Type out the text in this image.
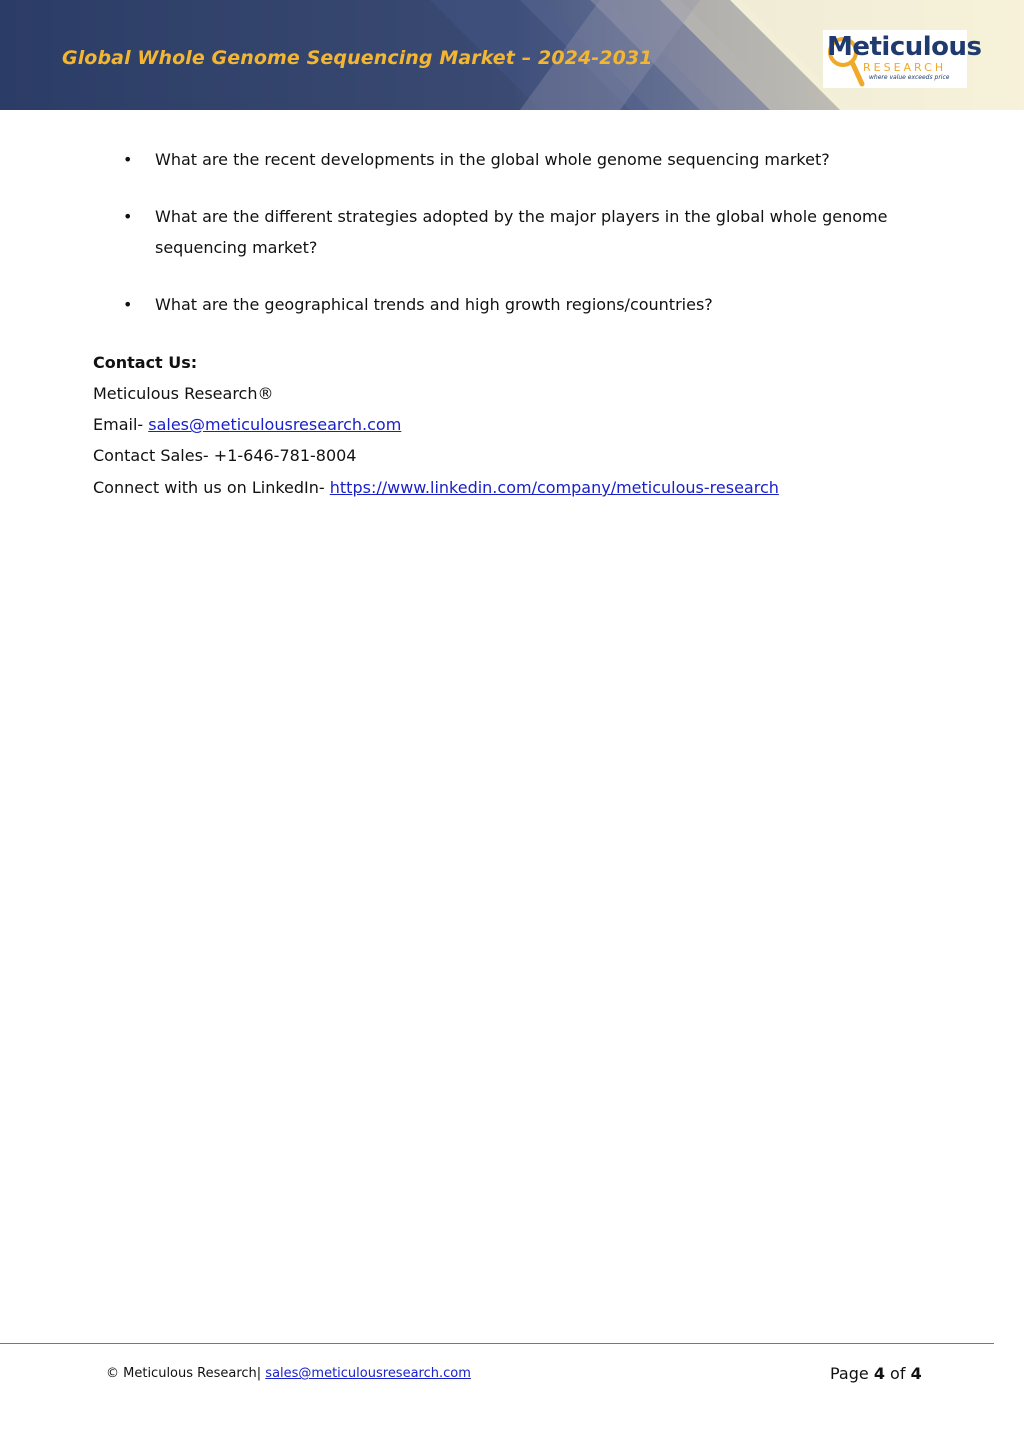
Global Whole Genome Sequencing Market – 2024-2031	Meticulous
RESEARCH
where value exceeds price
• What are the recent developments in the global whole genome sequencing market?
• What are the different strategies adopted by the major players in the global whole genome sequencing market?
• What are the geographical trends and high growth regions/countries?
Contact Us:
Meticulous Research®
Email- sales@meticulousresearch.com
Contact Sales- +1-646-781-8004
Connect with us on LinkedIn- https://www.linkedin.com/company/meticulous-research
© Meticulous Research| sales@meticulousresearch.com	Page 4 of 4
